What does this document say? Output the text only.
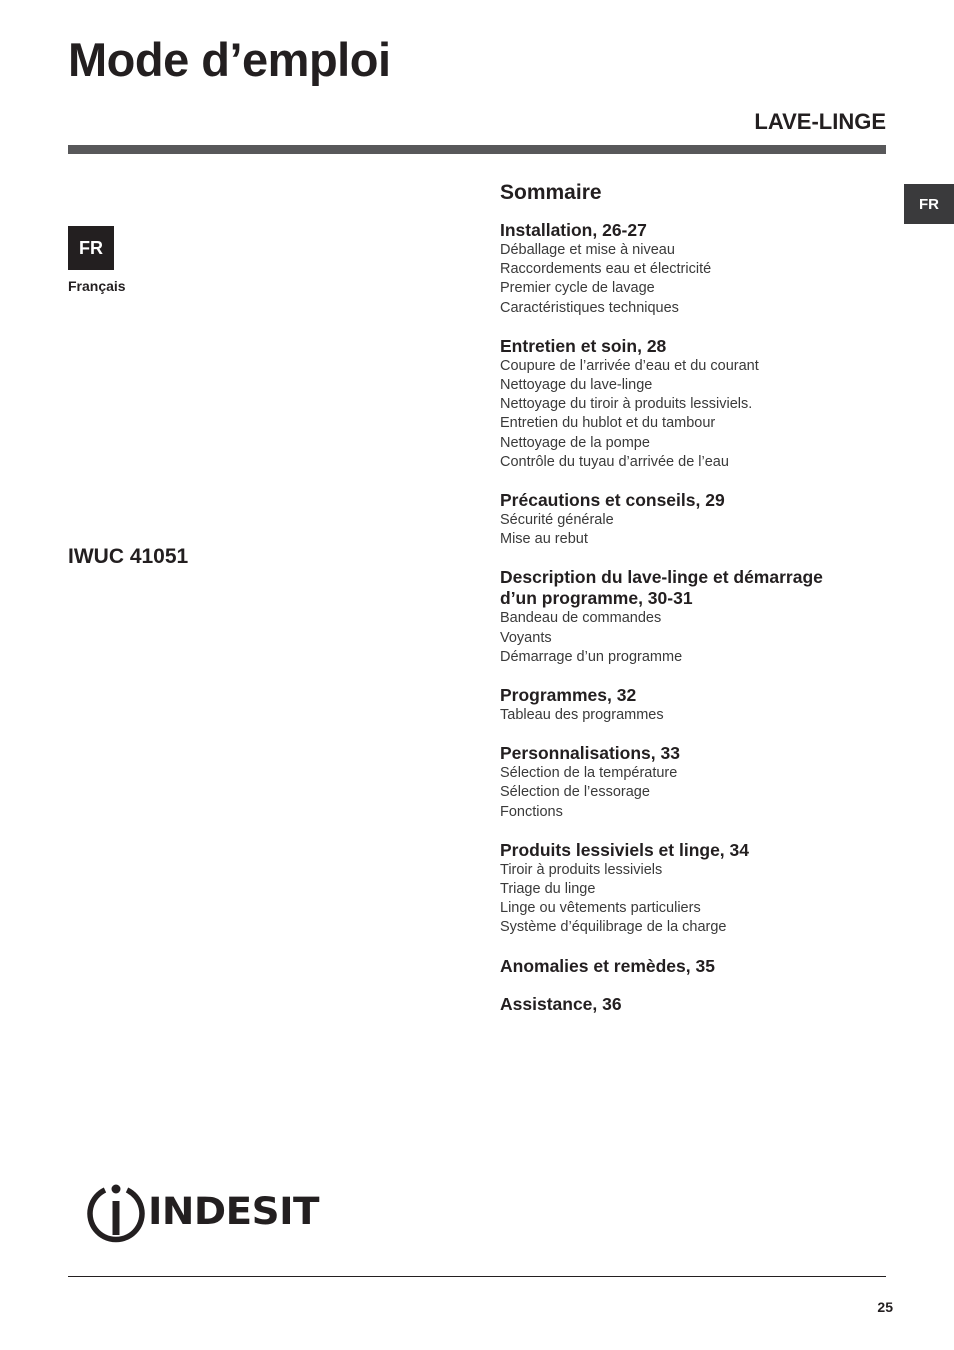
Mode d’emploi
LAVE-LINGE
FR
FR
Français
IWUC 41051
Sommaire
Installation, 26-27
Déballage et mise à niveau
Raccordements eau et électricité
Premier cycle de lavage
Caractéristiques techniques
Entretien et soin, 28
Coupure de l’arrivée d’eau et du courant
Nettoyage du lave-linge
Nettoyage du tiroir à produits lessiviels.
Entretien du hublot et du tambour
Nettoyage de la pompe
Contrôle du tuyau d’arrivée de l’eau
Précautions et conseils, 29
Sécurité générale
Mise au rebut
Description du lave-linge et démarrage
d’un programme, 30-31
Bandeau de commandes
Voyants
Démarrage d’un programme
Programmes, 32
Tableau des programmes
Personnalisations, 33
Sélection de la température
Sélection de l’essorage
Fonctions
Produits lessiviels et linge, 34
Tiroir à produits lessiviels
Triage du linge
Linge ou vêtements particuliers
Système d’équilibrage de la charge
Anomalies et remèdes, 35
Assistance, 36
INDESIT
25
